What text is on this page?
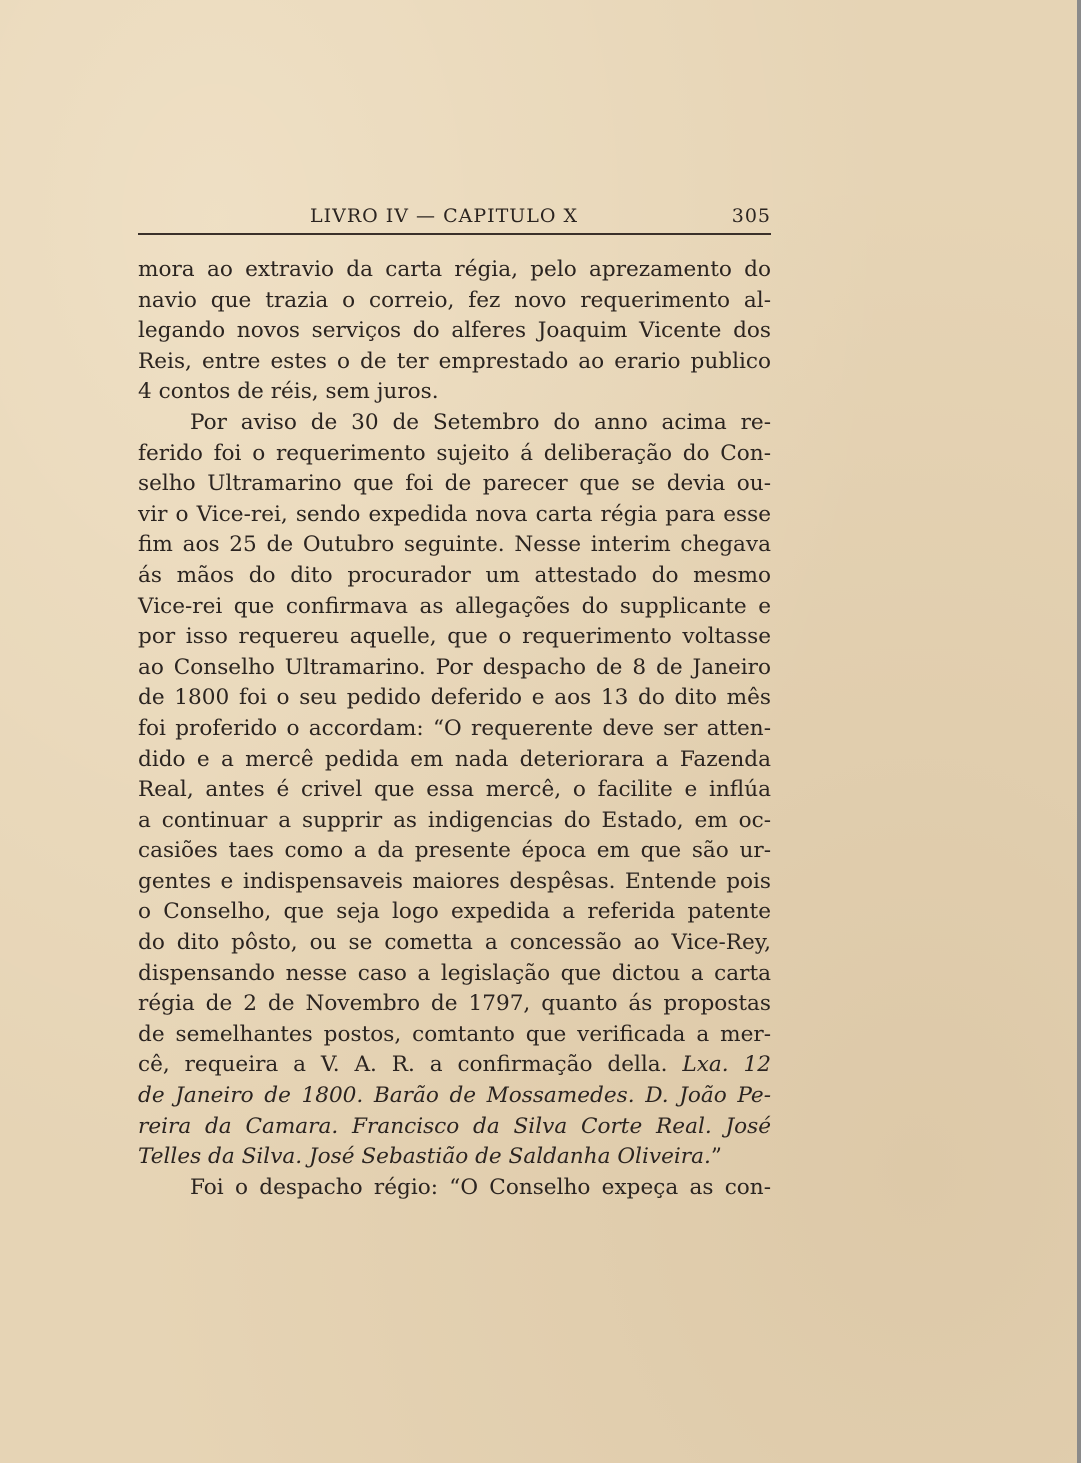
LIVRO IV — CAPITULO X	305
mora ao extravio da carta régia, pelo aprezamento do
navio que trazia o correio, fez novo requerimento al-
legando novos serviços do alferes Joaquim Vicente dos
Reis, entre estes o de ter emprestado ao erario publico
4 contos de réis, sem juros.
Por aviso de 30 de Setembro do anno acima re-
ferido foi o requerimento sujeito á deliberação do Con-
selho Ultramarino que foi de parecer que se devia ou-
vir o Vice-rei, sendo expedida nova carta régia para esse
fim aos 25 de Outubro seguinte. Nesse interim chegava
ás mãos do dito procurador um attestado do mesmo
Vice-rei que confirmava as allegações do supplicante e
por isso requereu aquelle, que o requerimento voltasse
ao Conselho Ultramarino. Por despacho de 8 de Janeiro
de 1800 foi o seu pedido deferido e aos 13 do dito mês
foi proferido o accordam: “O requerente deve ser atten-
dido e a mercê pedida em nada deteriorara a Fazenda
Real, antes é crivel que essa mercê, o facilite e inflúa
a continuar a supprir as indigencias do Estado, em oc-
casiões taes como a da presente época em que são ur-
gentes e indispensaveis maiores despêsas. Entende pois
o Conselho, que seja logo expedida a referida patente
do dito pôsto, ou se cometta a concessão ao Vice-Rey,
dispensando nesse caso a legislação que dictou a carta
régia de 2 de Novembro de 1797, quanto ás propostas
de semelhantes postos, comtanto que verificada a mer-
cê, requeira a V. A. R. a confirmação della. Lxa. 12
de Janeiro de 1800. Barão de Mossamedes. D. João Pe-
reira da Camara. Francisco da Silva Corte Real. José
Telles da Silva. José Sebastião de Saldanha Oliveira.”
Foi o despacho régio: “O Conselho expeça as con-
